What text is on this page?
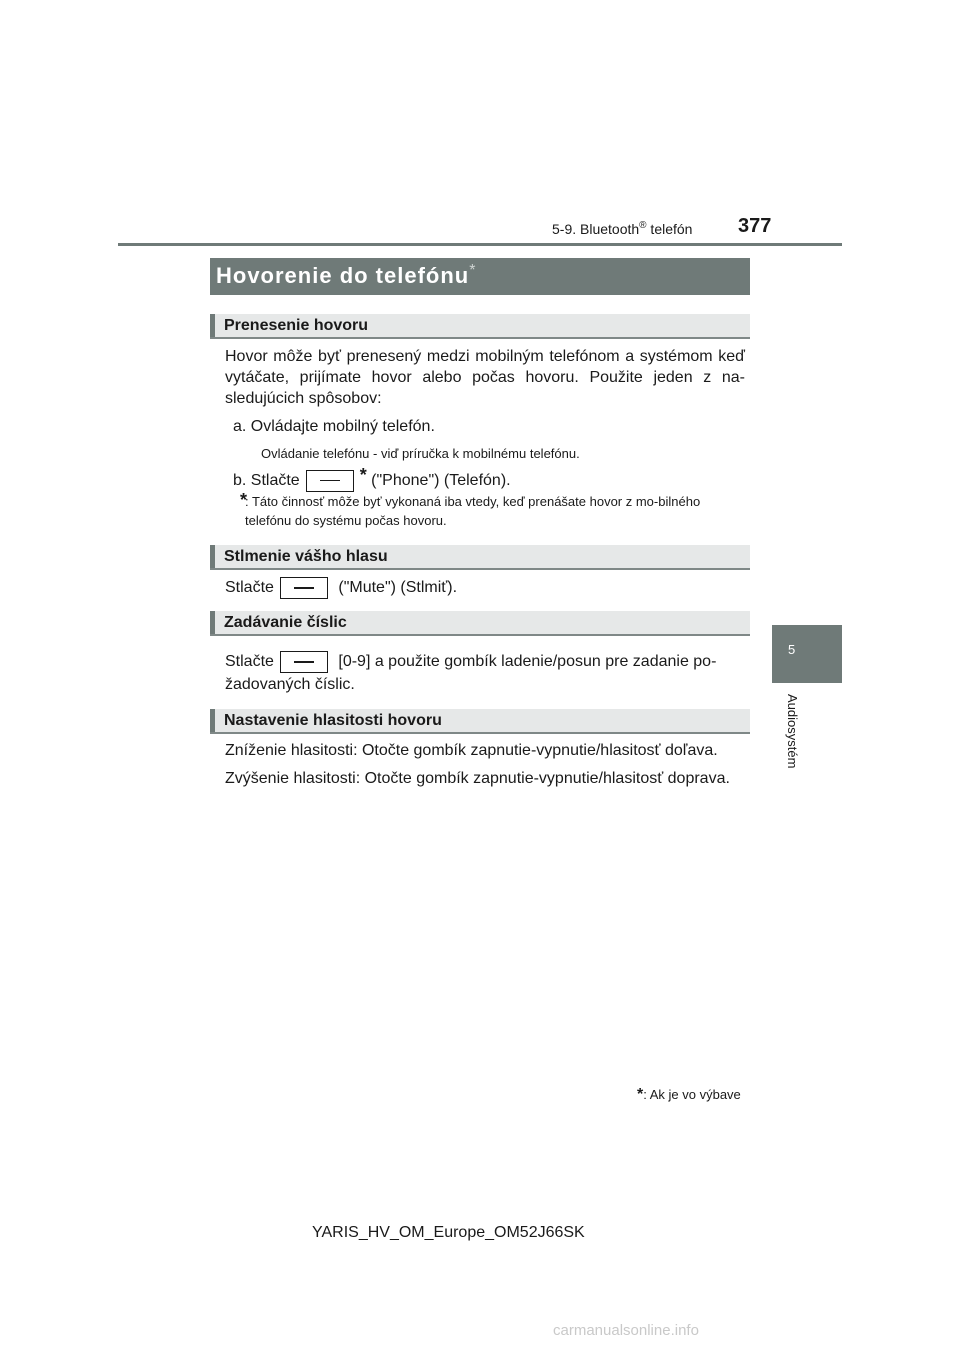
5-9. Bluetooth® telefón 377
5
Audiosystém
Hovorenie do telefónu*
Prenesenie hovoru
Hovor môže byť prenesený medzi mobilným telefónom a systémom keď vytáčate, prijímate hovor alebo počas hovoru. Použite jeden z na-sledujúcich spôsobov:
a. Ovládajte mobilný telefón.
Ovládanie telefónu - viď príručka k mobilnému telefónu.
b. Stlačte	* ("Phone") (Telefón).
*
: Táto činnosť môže byť vykonaná iba vtedy, keď prenášate hovor z mo-bilného telefónu do systému počas hovoru.
Stlmenie vášho hlasu
Stlačte	("Mute") (Stlmiť).
Zadávanie číslic
Stlačte	[0-9] a použite gombík ladenie/posun pre zadanie po-
žadovaných číslic.
Nastavenie hlasitosti hovoru
Zníženie hlasitosti: Otočte gombík zapnutie-vypnutie/hlasitosť doľava.
Zvýšenie hlasitosti: Otočte gombík zapnutie-vypnutie/hlasitosť doprava.
*: Ak je vo výbave
YARIS_HV_OM_Europe_OM52J66SK
carmanualsonline.info
